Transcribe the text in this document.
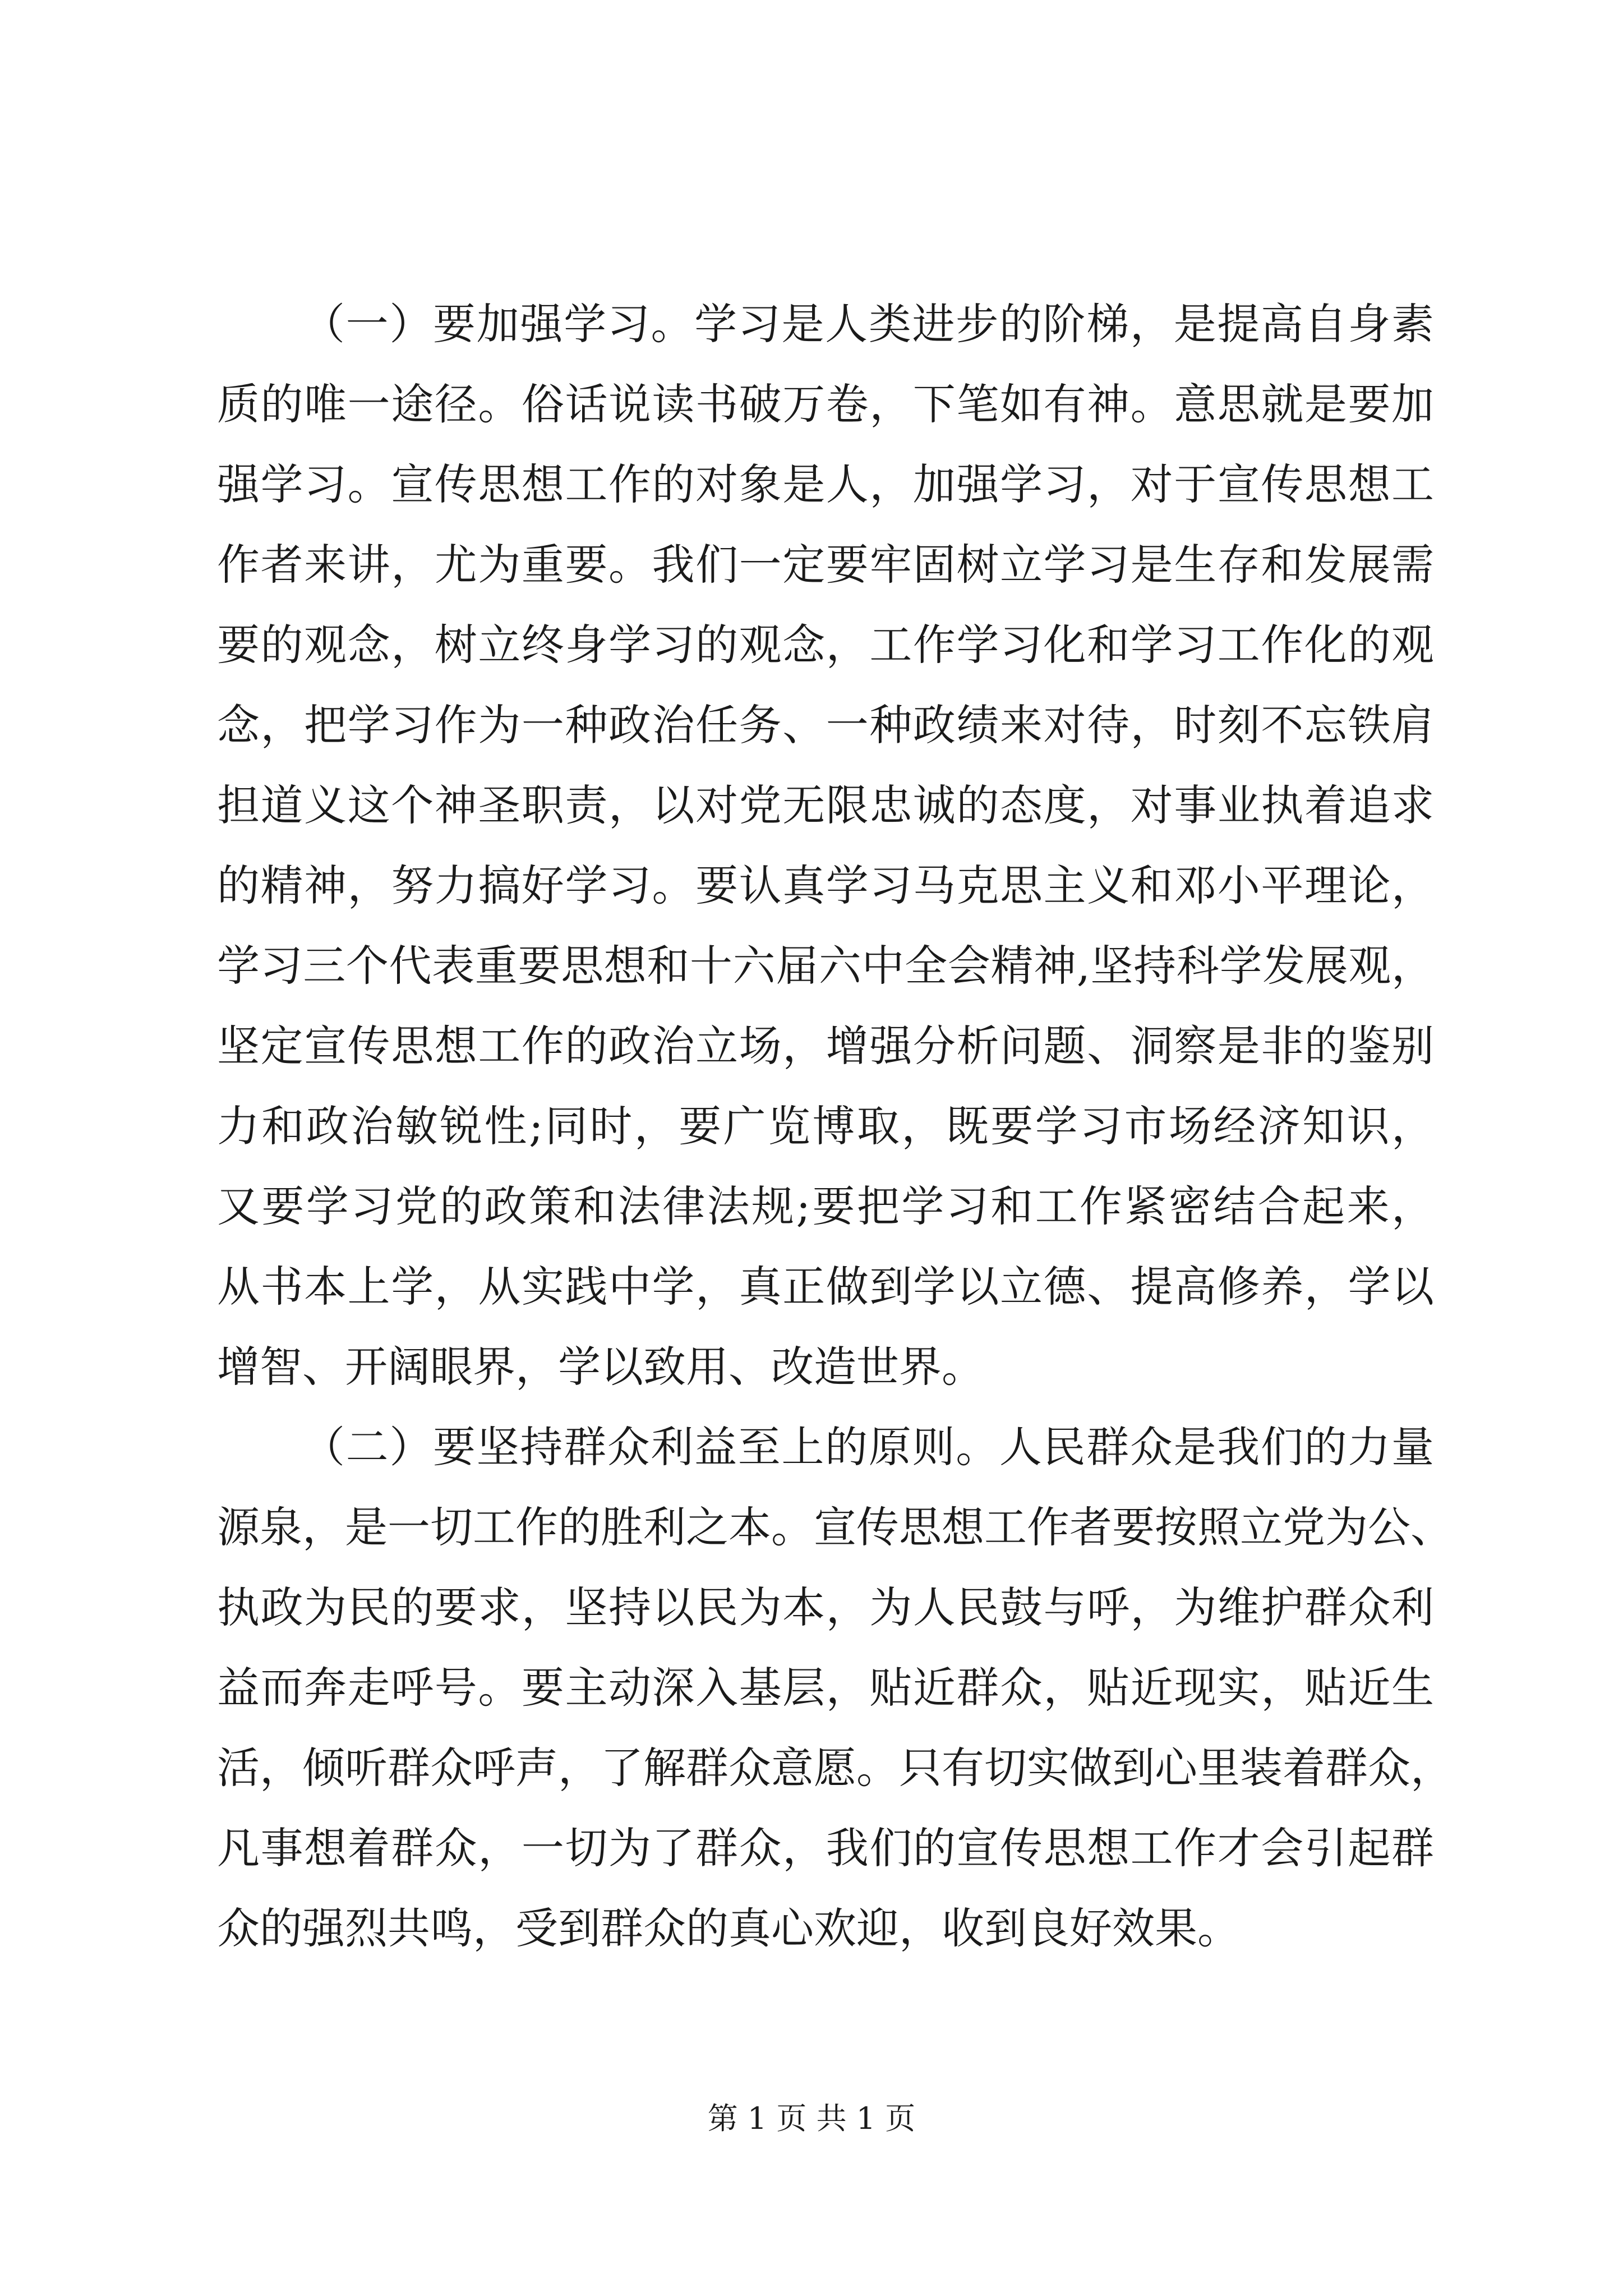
（一）要加强学习。学习是人类进步的阶梯，是提高自身素
质的唯一途径。俗话说读书破万卷，下笔如有神。意思就是要加
强学习。宣传思想工作的对象是人，加强学习，对于宣传思想工
作者来讲，尤为重要。我们一定要牢固树立学习是生存和发展需
要的观念，树立终身学习的观念，工作学习化和学习工作化的观
念，把学习作为一种政治任务、一种政绩来对待，时刻不忘铁肩
担道义这个神圣职责，以对党无限忠诚的态度，对事业执着追求
的精神，努力搞好学习。要认真学习马克思主义和邓小平理论，
学习三个代表重要思想和十六届六中全会精神,坚持科学发展观，
坚定宣传思想工作的政治立场，增强分析问题、洞察是非的鉴别
力和政治敏锐性;同时，要广览博取，既要学习市场经济知识，
又要学习党的政策和法律法规;要把学习和工作紧密结合起来，
从书本上学，从实践中学，真正做到学以立德、提高修养，学以
增智、开阔眼界，学以致用、改造世界。
（二）要坚持群众利益至上的原则。人民群众是我们的力量
源泉，是一切工作的胜利之本。宣传思想工作者要按照立党为公、
执政为民的要求，坚持以民为本，为人民鼓与呼，为维护群众利
益而奔走呼号。要主动深入基层，贴近群众，贴近现实，贴近生
活，倾听群众呼声，了解群众意愿。只有切实做到心里装着群众，
凡事想着群众，一切为了群众，我们的宣传思想工作才会引起群
众的强烈共鸣，受到群众的真心欢迎，收到良好效果。
第 1 页 共 1 页
